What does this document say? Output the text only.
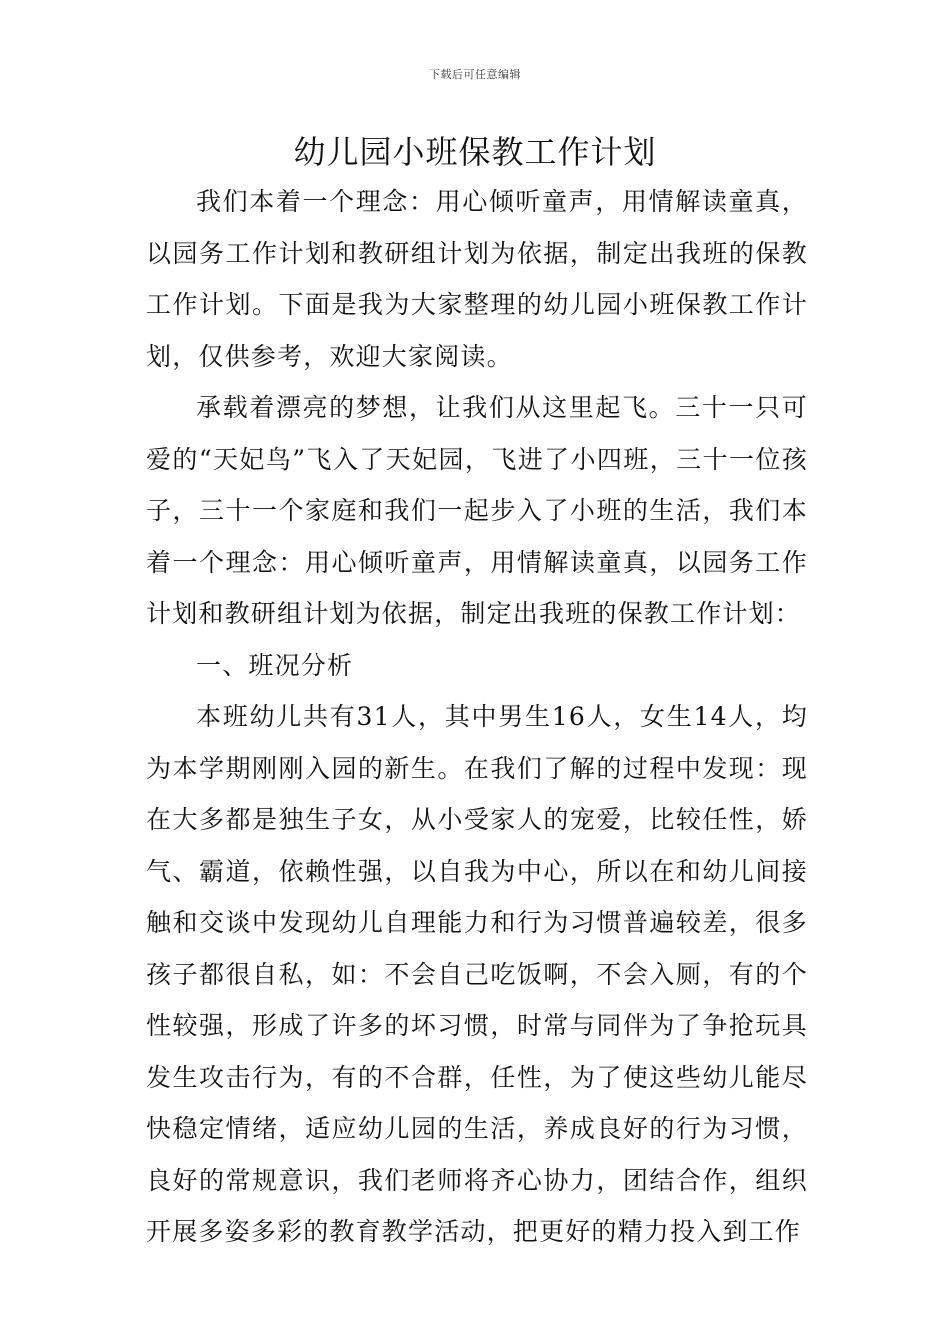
下载后可任意编辑
幼儿园小班保教工作计划

我们本着一个理念：用心倾听童声，用情解读童真，以园务工作计划和教研组计划为依据，制定出我班的保教工作计划。下面是我为大家整理的幼儿园小班保教工作计划，仅供参考，欢迎大家阅读。

承载着漂亮的梦想，让我们从这里起飞。三十一只可爱的“天妃鸟”飞入了天妃园，飞进了小四班，三十一位孩子，三十一个家庭和我们一起步入了小班的生活，我们本着一个理念：用心倾听童声，用情解读童真，以园务工作计划和教研组计划为依据，制定出我班的保教工作计划：

一、班况分析

本班幼儿共有31人，其中男生16人，女生14人，均为本学期刚刚入园的新生。在我们了解的过程中发现：现在大多都是独生子女，从小受家人的宠爱，比较任性，娇气、霸道，依赖性强，以自我为中心，所以在和幼儿间接触和交谈中发现幼儿自理能力和行为习惯普遍较差，很多孩子都很自私，如：不会自己吃饭啊，不会入厕，有的个性较强，形成了许多的坏习惯，时常与同伴为了争抢玩具发生攻击行为，有的不合群，任性，为了使这些幼儿能尽快稳定情绪，适应幼儿园的生活，养成良好的行为习惯，良好的常规意识，我们老师将齐心协力，团结合作，组织开展多姿多彩的教育教学活动，把更好的精力投入到工作
